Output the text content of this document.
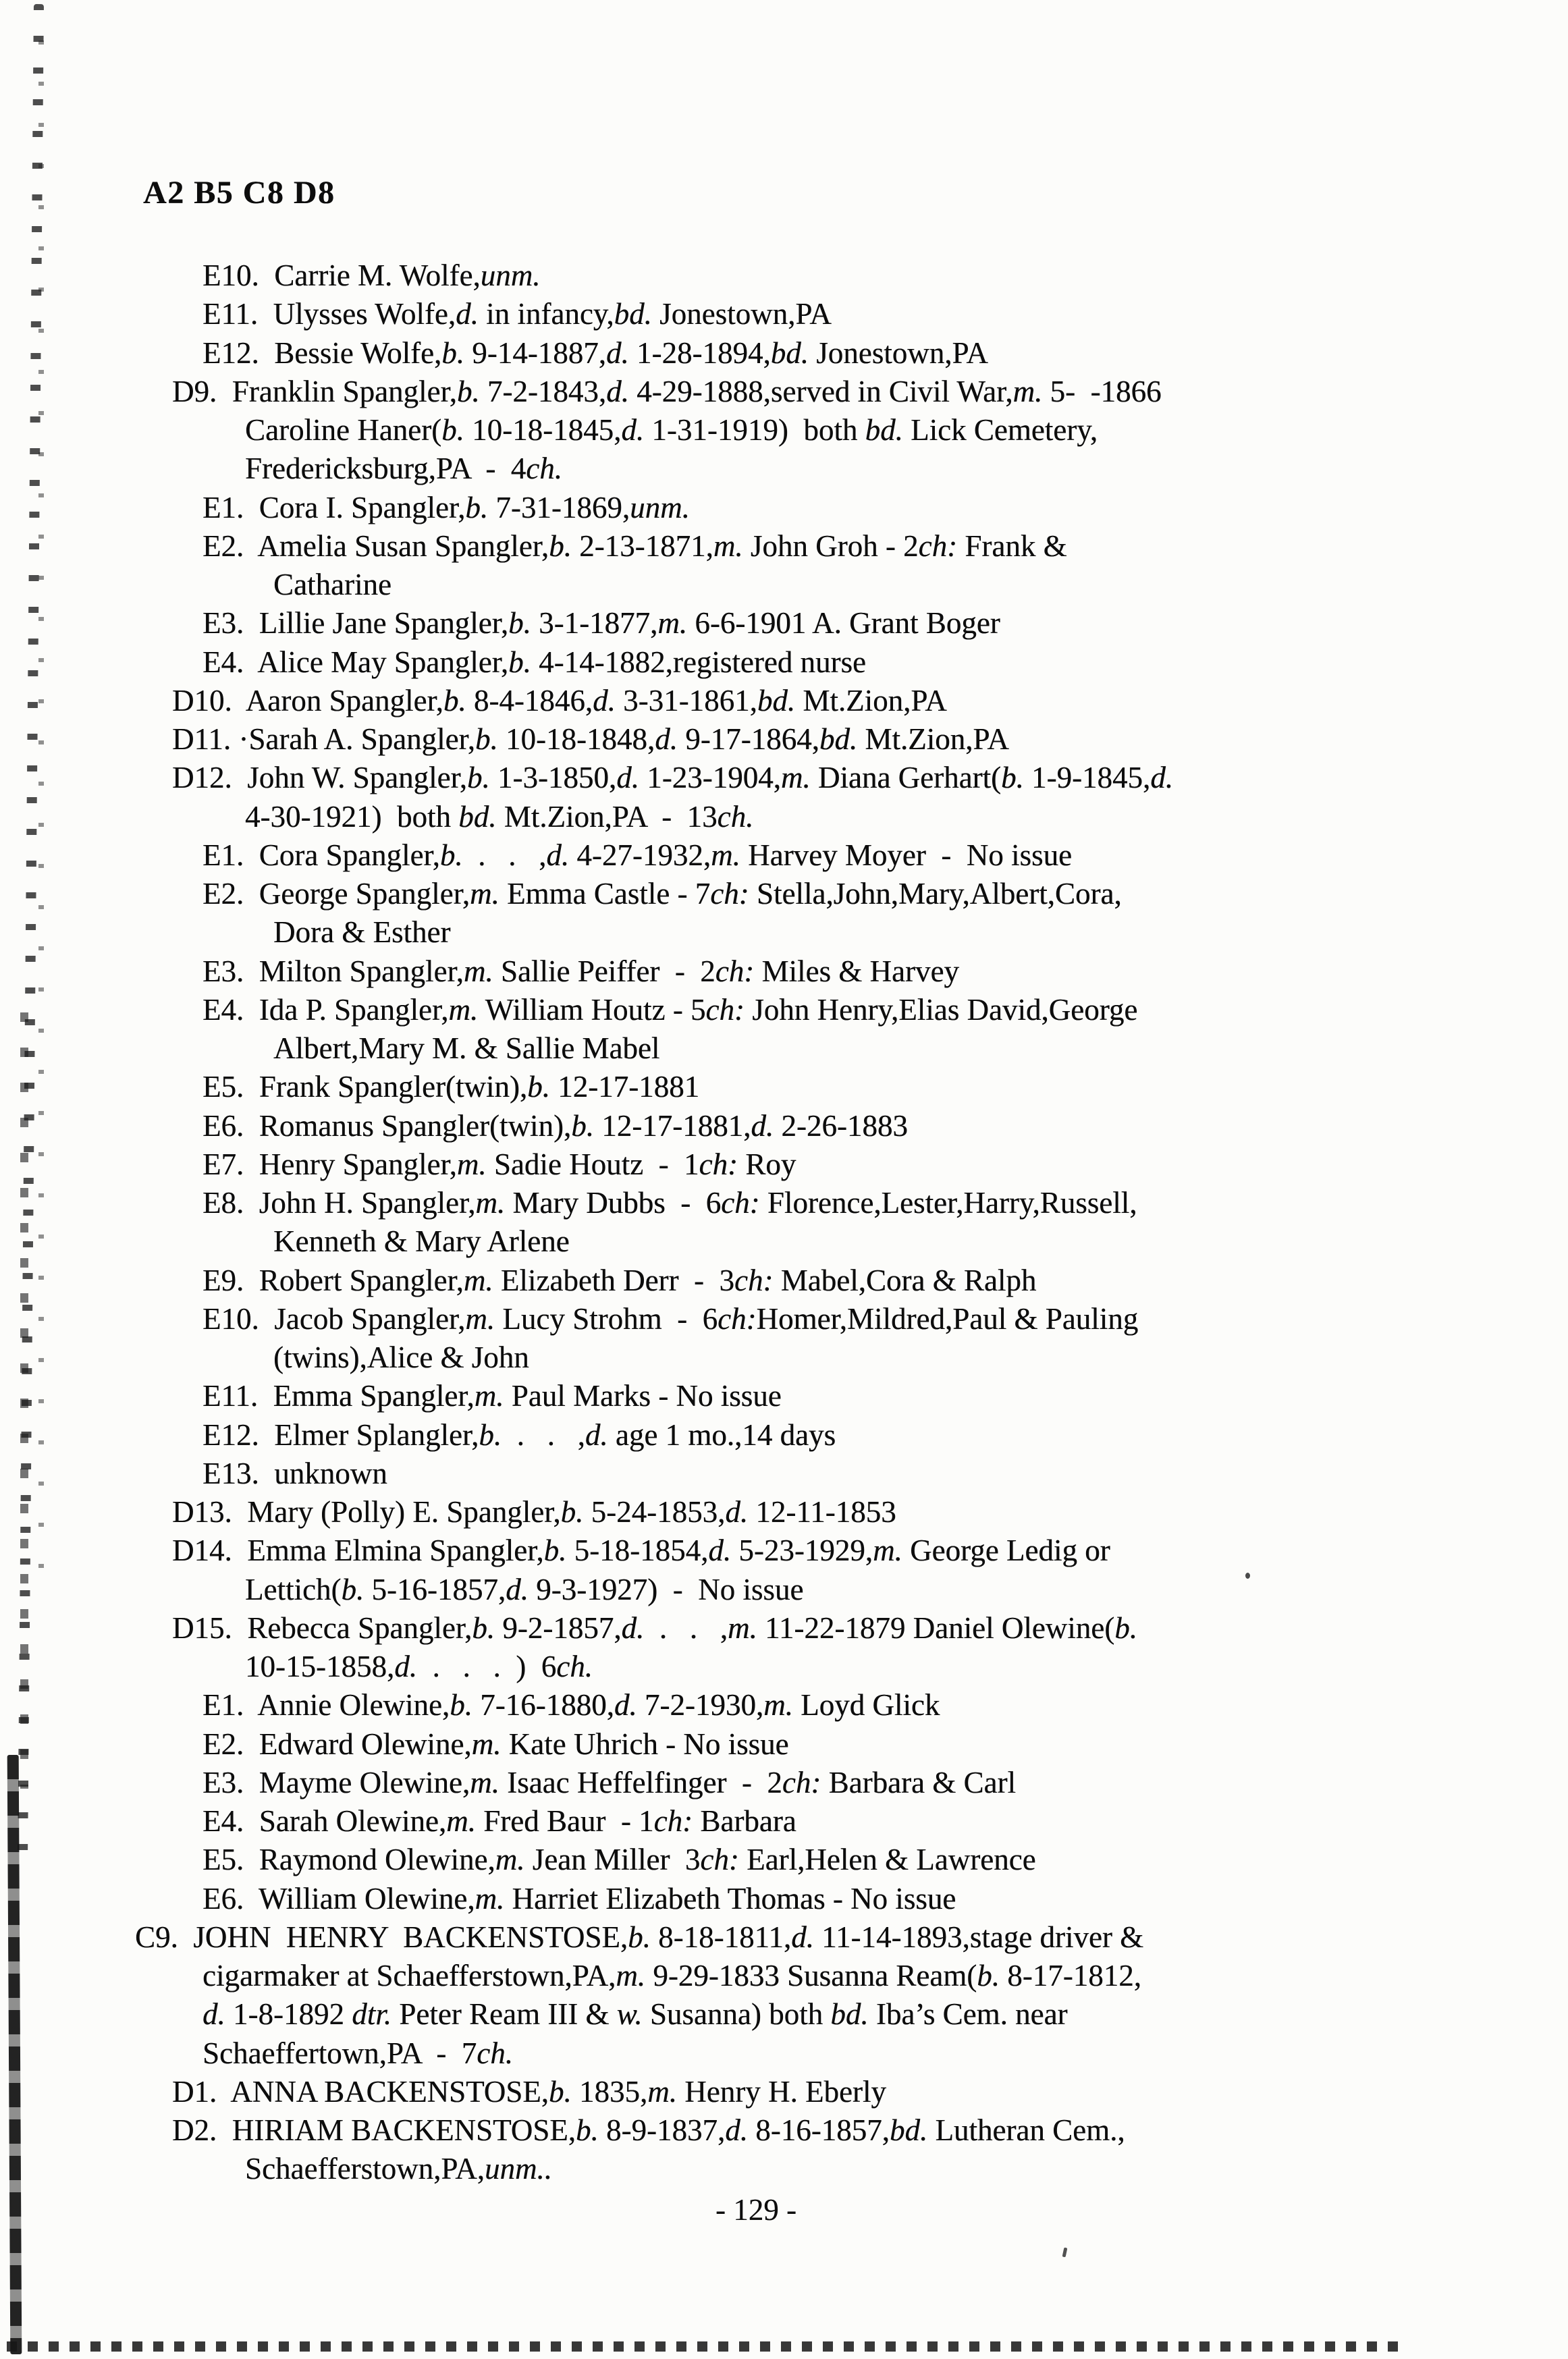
A2 B5 C8 D8
E10.  Carrie M. Wolfe,unm.
E11.  Ulysses Wolfe,d. in infancy,bd. Jonestown,PA
E12.  Bessie Wolfe,b. 9-14-1887,d. 1-28-1894,bd. Jonestown,PA
D9.  Franklin Spangler,b. 7-2-1843,d. 4-29-1888,served in Civil War,m. 5-  -1866
Caroline Haner(b. 10-18-1845,d. 1-31-1919)  both bd. Lick Cemetery,
Fredericksburg,PA  -  4ch.
E1.  Cora I. Spangler,b. 7-31-1869,unm.
E2.  Amelia Susan Spangler,b. 2-13-1871,m. John Groh - 2ch: Frank &
Catharine
E3.  Lillie Jane Spangler,b. 3-1-1877,m. 6-6-1901 A. Grant Boger
E4.  Alice May Spangler,b. 4-14-1882,registered nurse
D10.  Aaron Spangler,b. 8-4-1846,d. 3-31-1861,bd. Mt.Zion,PA
D11. ·Sarah A. Spangler,b. 10-18-1848,d. 9-17-1864,bd. Mt.Zion,PA
D12.  John W. Spangler,b. 1-3-1850,d. 1-23-1904,m. Diana Gerhart(b. 1-9-1845,d.
4-30-1921)  both bd. Mt.Zion,PA  -  13ch.
E1.  Cora Spangler,b.  .   .   ,d. 4-27-1932,m. Harvey Moyer  -  No issue
E2.  George Spangler,m. Emma Castle - 7ch: Stella,John,Mary,Albert,Cora,
Dora & Esther
E3.  Milton Spangler,m. Sallie Peiffer  -  2ch: Miles & Harvey
E4.  Ida P. Spangler,m. William Houtz - 5ch: John Henry,Elias David,George
Albert,Mary M. & Sallie Mabel
E5.  Frank Spangler(twin),b. 12-17-1881
E6.  Romanus Spangler(twin),b. 12-17-1881,d. 2-26-1883
E7.  Henry Spangler,m. Sadie Houtz  -  1ch: Roy
E8.  John H. Spangler,m. Mary Dubbs  -  6ch: Florence,Lester,Harry,Russell,
Kenneth & Mary Arlene
E9.  Robert Spangler,m. Elizabeth Derr  -  3ch: Mabel,Cora & Ralph
E10.  Jacob Spangler,m. Lucy Strohm  -  6ch:Homer,Mildred,Paul & Pauling
(twins),Alice & John
E11.  Emma Spangler,m. Paul Marks - No issue
E12.  Elmer Splangler,b.  .   .   ,d. age 1 mo.,14 days
E13.  unknown
D13.  Mary (Polly) E. Spangler,b. 5-24-1853,d. 12-11-1853
D14.  Emma Elmina Spangler,b. 5-18-1854,d. 5-23-1929,m. George Ledig or
Lettich(b. 5-16-1857,d. 9-3-1927)  -  No issue
D15.  Rebecca Spangler,b. 9-2-1857,d.  .   .   ,m. 11-22-1879 Daniel Olewine(b.
10-15-1858,d.  .   .   .  )  6ch.
E1.  Annie Olewine,b. 7-16-1880,d. 7-2-1930,m. Loyd Glick
E2.  Edward Olewine,m. Kate Uhrich - No issue
E3.  Mayme Olewine,m. Isaac Heffelfinger  -  2ch: Barbara & Carl
E4.  Sarah Olewine,m. Fred Baur  - 1ch: Barbara
E5.  Raymond Olewine,m. Jean Miller  3ch: Earl,Helen & Lawrence
E6.  William Olewine,m. Harriet Elizabeth Thomas - No issue
C9.  JOHN  HENRY  BACKENSTOSE,b. 8-18-1811,d. 11-14-1893,stage driver &
cigarmaker at Schaefferstown,PA,m. 9-29-1833 Susanna Ream(b. 8-17-1812,
d. 1-8-1892 dtr. Peter Ream III & w. Susanna) both bd. Iba’s Cem. near
Schaeffertown,PA  -  7ch.
D1.  ANNA BACKENSTOSE,b. 1835,m. Henry H. Eberly
D2.  HIRIAM BACKENSTOSE,b. 8-9-1837,d. 8-16-1857,bd. Lutheran Cem.,
Schaefferstown,PA,unm..
- 129 -
